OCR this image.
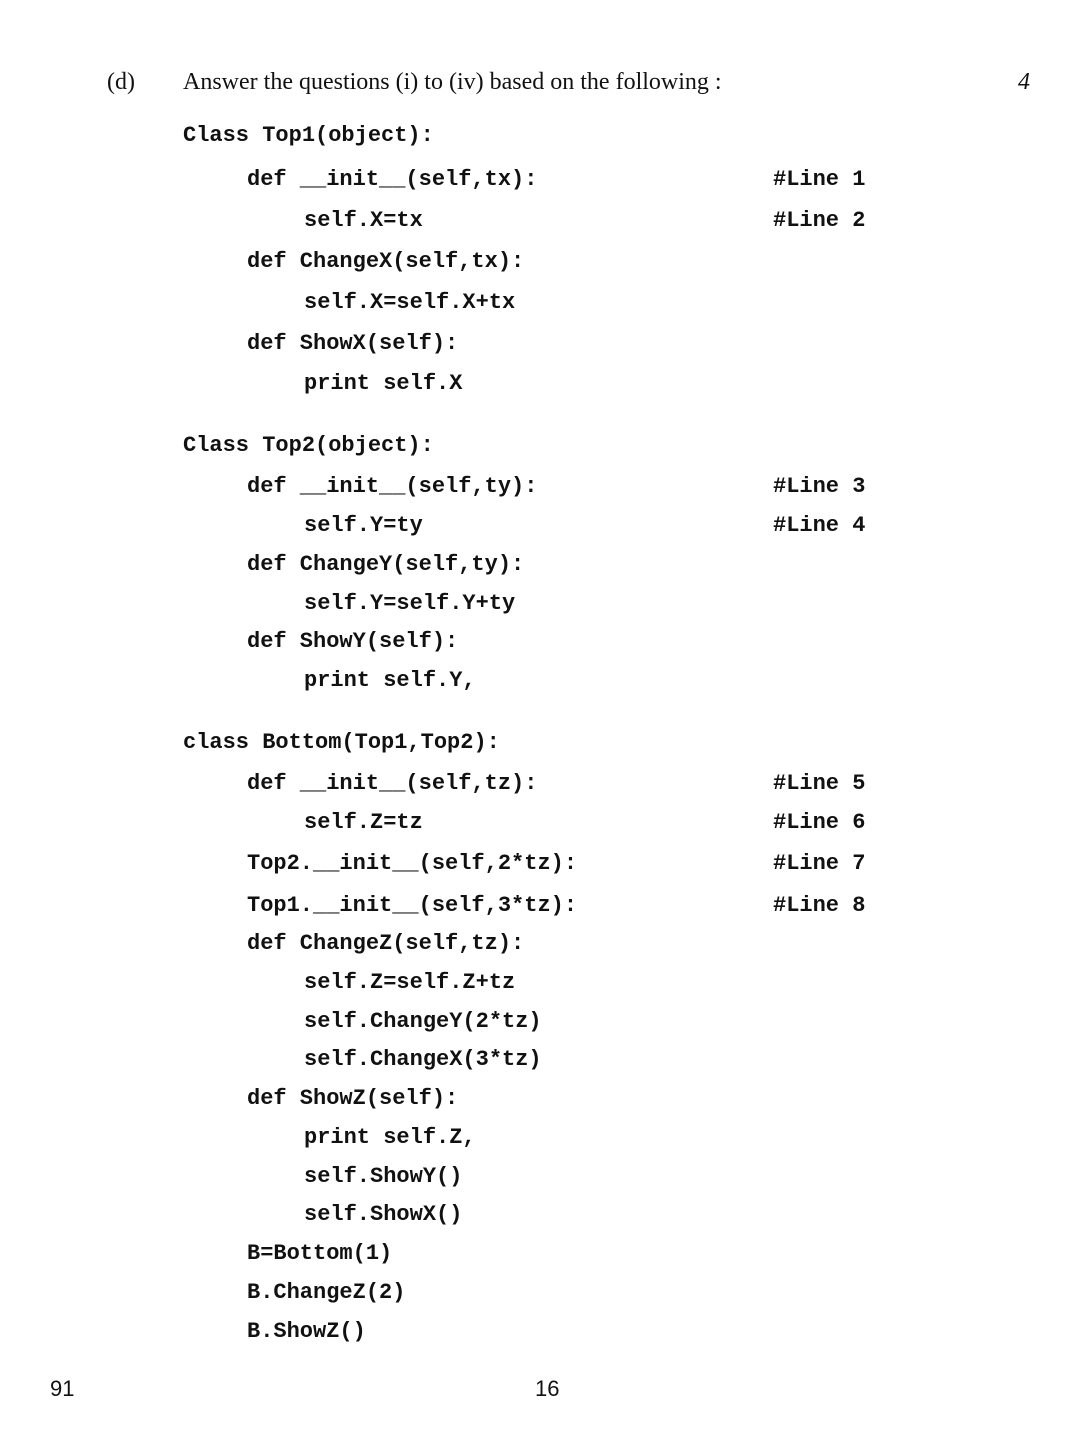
(d) Answer the questions (i) to (iv) based on the following :	4
Class Top1(object):
def __init__(self,tx):	#Line 1
self.X=tx	#Line 2
def ChangeX(self,tx):
self.X=self.X+tx
def ShowX(self):
print self.X
Class Top2(object):
def __init__(self,ty):	#Line 3
self.Y=ty	#Line 4
def ChangeY(self,ty):
self.Y=self.Y+ty
def ShowY(self):
print self.Y,
class Bottom(Top1,Top2):
def __init__(self,tz):	#Line 5
self.Z=tz	#Line 6
Top2.__init__(self,2*tz):	#Line 7
Top1.__init__(self,3*tz):	#Line 8
def ChangeZ(self,tz):
self.Z=self.Z+tz
self.ChangeY(2*tz)
self.ChangeX(3*tz)
def ShowZ(self):
print self.Z,
self.ShowY()
self.ShowX()
B=Bottom(1)
B.ChangeZ(2)
B.ShowZ()
91	16
